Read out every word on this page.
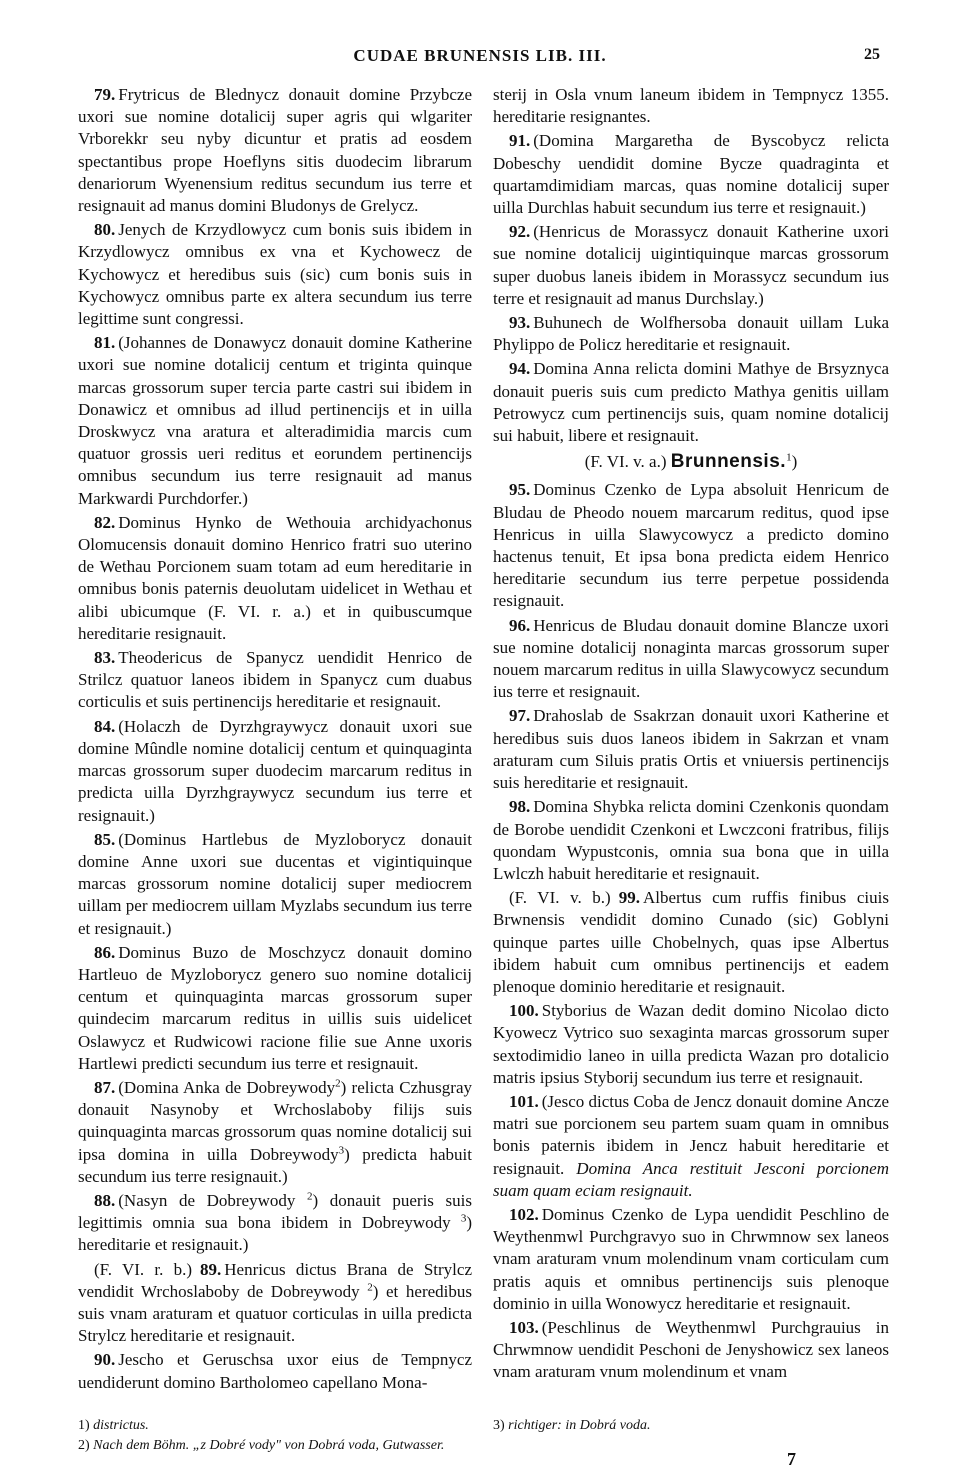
CUDAE BRUNENSIS LIB. III.	25

79. Frytricus de Blednycz donauit domine Przybcze uxori sue nomine dotalicij super agris qui wlgariter Vrborekkr seu nyby dicuntur et pratis ad eosdem spectantibus prope Hoeflyns sitis duodecim librarum denariorum Wyenensium reditus secundum ius terre et resignauit ad manus domini Bludonys de Grelycz.

80. Jenych de Krzydlowycz cum bonis suis ibidem in Krzydlowycz omnibus ex vna et Kychowecz de Kychowycz et heredibus suis (sic) cum bonis suis in Kychowycz omnibus parte ex altera secundum ius terre legittime sunt congressi.

81. (Johannes de Donawycz donauit domine Katherine uxori sue nomine dotalicij centum et triginta quinque marcas grossorum super tercia parte castri sui ibidem in Donawicz et omnibus ad illud pertinencijs et in uilla Droskwycz vna aratura et alteradimidia marcis cum quatuor grossis ueri reditus et eorundem pertinencijs omnibus secundum ius terre resignauit ad manus Markwardi Purchdorfer.)

82. Dominus Hynko de Wethouia archidyachonus Olomucensis donauit domino Henrico fratri suo uterino de Wethau Porcionem suam totam ad eum hereditarie in omnibus bonis paternis deuolutam uidelicet in Wethau et alibi ubicumque (F. VI. r. a.) et in quibuscumque hereditarie resignauit.

83. Theodericus de Spanycz uendidit Henrico de Strilcz quatuor laneos ibidem in Spanycz cum duabus corticulis et suis pertinencijs hereditarie et resignauit.

84. (Holaczh de Dyrzhgraywycz donauit uxori sue domine Mûndle nomine dotalicij centum et quinquaginta marcas grossorum super duodecim marcarum reditus in predicta uilla Dyrzhgraywycz secundum ius terre et resignauit.)

85. (Dominus Hartlebus de Myzloborycz donauit domine Anne uxori sue ducentas et vigintiquinque marcas grossorum nomine dotalicij super mediocrem uillam per mediocrem uillam Myzlabs secundum ius terre et resignauit.)

86. Dominus Buzo de Moschzycz donauit domino Hartleuo de Myzloborycz genero suo nomine dotalicij centum et quinquaginta marcas grossorum super quindecim marcarum reditus in uillis suis uidelicet Oslawycz et Rudwicowi racione filie sue Anne uxoris Hartlewi predicti secundum ius terre et resignauit.

87. (Domina Anka de Dobreywody$^2$) relicta Czhusgray donauit Nasynoby et Wrchoslaboby filijs suis quinquaginta marcas grossorum quas nomine dotalicij sui ipsa domina in uilla Dobreywody$^3$) predicta habuit secundum ius terre resignauit.)

88. (Nasyn de Dobreywody $^2$) donauit pueris suis legittimis omnia sua bona ibidem in Dobreywody $^3$) hereditarie et resignauit.)

(F. VI. r. b.) 89. Henricus dictus Brana de Strylcz vendidit Wrchoslaboby de Dobreywody $^2$) et heredibus suis vnam araturam et quatuor corticulas in uilla predicta Strylcz hereditarie et resignauit.

90. Jescho et Geruschsa uxor eius de Tempnycz uendiderunt domino Bartholomeo capellano Mona-

sterij in Osla vnum laneum ibidem in Tempnycz 1355. hereditarie resignantes.

91. (Domina Margaretha de Byscobycz relicta Dobeschy uendidit domine Bycze quadraginta et quartamdimidiam marcas, quas nomine dotalicij super uilla Durchlas habuit secundum ius terre et resignauit.)

92. (Henricus de Morassycz donauit Katherine uxori sue nomine dotalicij uigintiquinque marcas grossorum super duobus laneis ibidem in Morassycz secundum ius terre et resignauit ad manus Durchslay.)

93. Buhunech de Wolfhersoba donauit uillam Luka Phylippo de Policz hereditarie et resignauit.

94. Domina Anna relicta domini Mathye de Brsyznyca donauit pueris suis cum predicto Mathya genitis uillam Petrowycz cum pertinencijs suis, quam nomine dotalicij sui habuit, libere et resignauit.

(F. VI. v. a.) Brunnensis.$^1$)

95. Dominus Czenko de Lypa absoluit Henricum de Bludau de Pheodo nouem marcarum reditus, quod ipse Henricus in uilla Slawycowycz a predicto domino hactenus tenuit, Et ipsa bona predicta eidem Henrico hereditarie secundum ius terre perpetue possidenda resignauit.

96. Henricus de Bludau donauit domine Blancze uxori sue nomine dotalicij nonaginta marcas grossorum super nouem marcarum reditus in uilla Slawycowycz secundum ius terre et resignauit.

97. Drahoslab de Ssakrzan donauit uxori Katherine et heredibus suis duos laneos ibidem in Sakrzan et vnam araturam cum Siluis pratis Ortis et vniuersis pertinencijs suis hereditarie et resignauit.

98. Domina Shybka relicta domini Czenkonis quondam de Borobe uendidit Czenkoni et Lwczconi fratribus, filijs quondam Wypustconis, omnia sua bona que in uilla Lwlczh habuit hereditarie et resignauit.

(F. VI. v. b.) 99. Albertus cum ruffis finibus ciuis Brwnensis vendidit domino Cunado (sic) Goblyni quinque partes uille Chobelnych, quas ipse Albertus ibidem habuit cum omnibus pertinencijs et eadem plenoque dominio hereditarie et resignauit.

100. Styborius de Wazan dedit domino Nicolao dicto Kyowecz Vytrico suo sexaginta marcas grossorum super sextodimidio laneo in uilla predicta Wazan pro dotalicio matris ipsius Styborij secundum ius terre et resignauit.

101. (Jesco dictus Coba de Jencz donauit domine Ancze matri sue porcionem seu partem suam quam in omnibus bonis paternis ibidem in Jencz habuit hereditarie et resignauit. Domina Anca restituit Jesconi porcionem suam quam eciam resignauit.

102. Dominus Czenko de Lypa uendidit Peschlino de Weythenmwl Purchgravyo suo in Chrwmnow sex laneos vnam araturam vnum molendinum vnam corticulam cum pratis aquis et omnibus pertinencijs suis plenoque dominio in uilla Wonowycz hereditarie et resignauit.

103. (Peschlinus de Weythenmwl Purchgrauius in Chrwmnow uendidit Peschoni de Jenyshowicz sex laneos vnam araturam vnum molendinum et vnam

1) districtus.

2) Nach dem Böhm. „z Dobré vody" von Dobrá voda, Gutwasser.

3) richtiger: in Dobrá voda.

7
